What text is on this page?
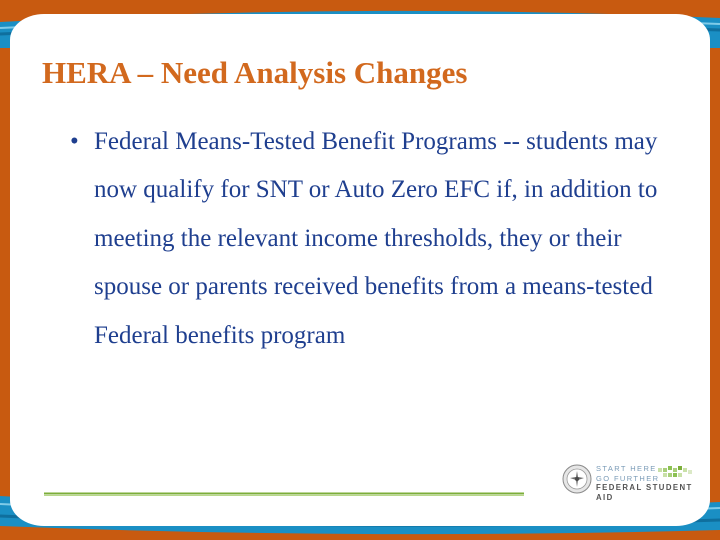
HERA – Need Analysis Changes
• Federal Means-Tested Benefit Programs -- students may now qualify for SNT or Auto Zero EFC if, in addition to meeting the relevant income thresholds, they or their spouse or parents received benefits from a means-tested Federal benefits program
START HERE
GO FURTHER
FEDERAL STUDENT AID
19
